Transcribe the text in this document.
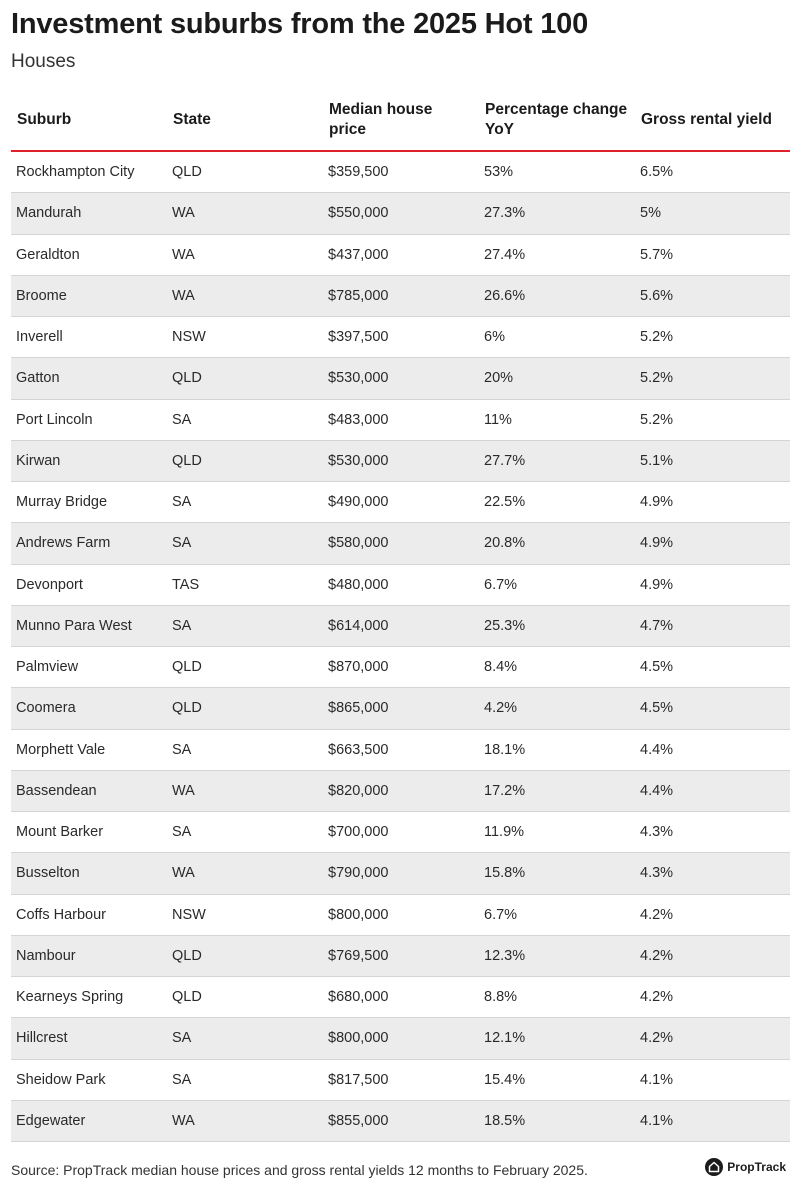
Investment suburbs from the 2025 Hot 100
Houses
Suburb	State	Median house price	Percentage change YoY	Gross rental yield
Rockhampton City	QLD	$359,500	53%	6.5%
Mandurah	WA	$550,000	27.3%	5%
Geraldton	WA	$437,000	27.4%	5.7%
Broome	WA	$785,000	26.6%	5.6%
Inverell	NSW	$397,500	6%	5.2%
Gatton	QLD	$530,000	20%	5.2%
Port Lincoln	SA	$483,000	11%	5.2%
Kirwan	QLD	$530,000	27.7%	5.1%
Murray Bridge	SA	$490,000	22.5%	4.9%
Andrews Farm	SA	$580,000	20.8%	4.9%
Devonport	TAS	$480,000	6.7%	4.9%
Munno Para West	SA	$614,000	25.3%	4.7%
Palmview	QLD	$870,000	8.4%	4.5%
Coomera	QLD	$865,000	4.2%	4.5%
Morphett Vale	SA	$663,500	18.1%	4.4%
Bassendean	WA	$820,000	17.2%	4.4%
Mount Barker	SA	$700,000	11.9%	4.3%
Busselton	WA	$790,000	15.8%	4.3%
Coffs Harbour	NSW	$800,000	6.7%	4.2%
Nambour	QLD	$769,500	12.3%	4.2%
Kearneys Spring	QLD	$680,000	8.8%	4.2%
Hillcrest	SA	$800,000	12.1%	4.2%
Sheidow Park	SA	$817,500	15.4%	4.1%
Edgewater	WA	$855,000	18.5%	4.1%
Source: PropTrack median house prices and gross rental yields 12 months to February 2025.	PropTrack
